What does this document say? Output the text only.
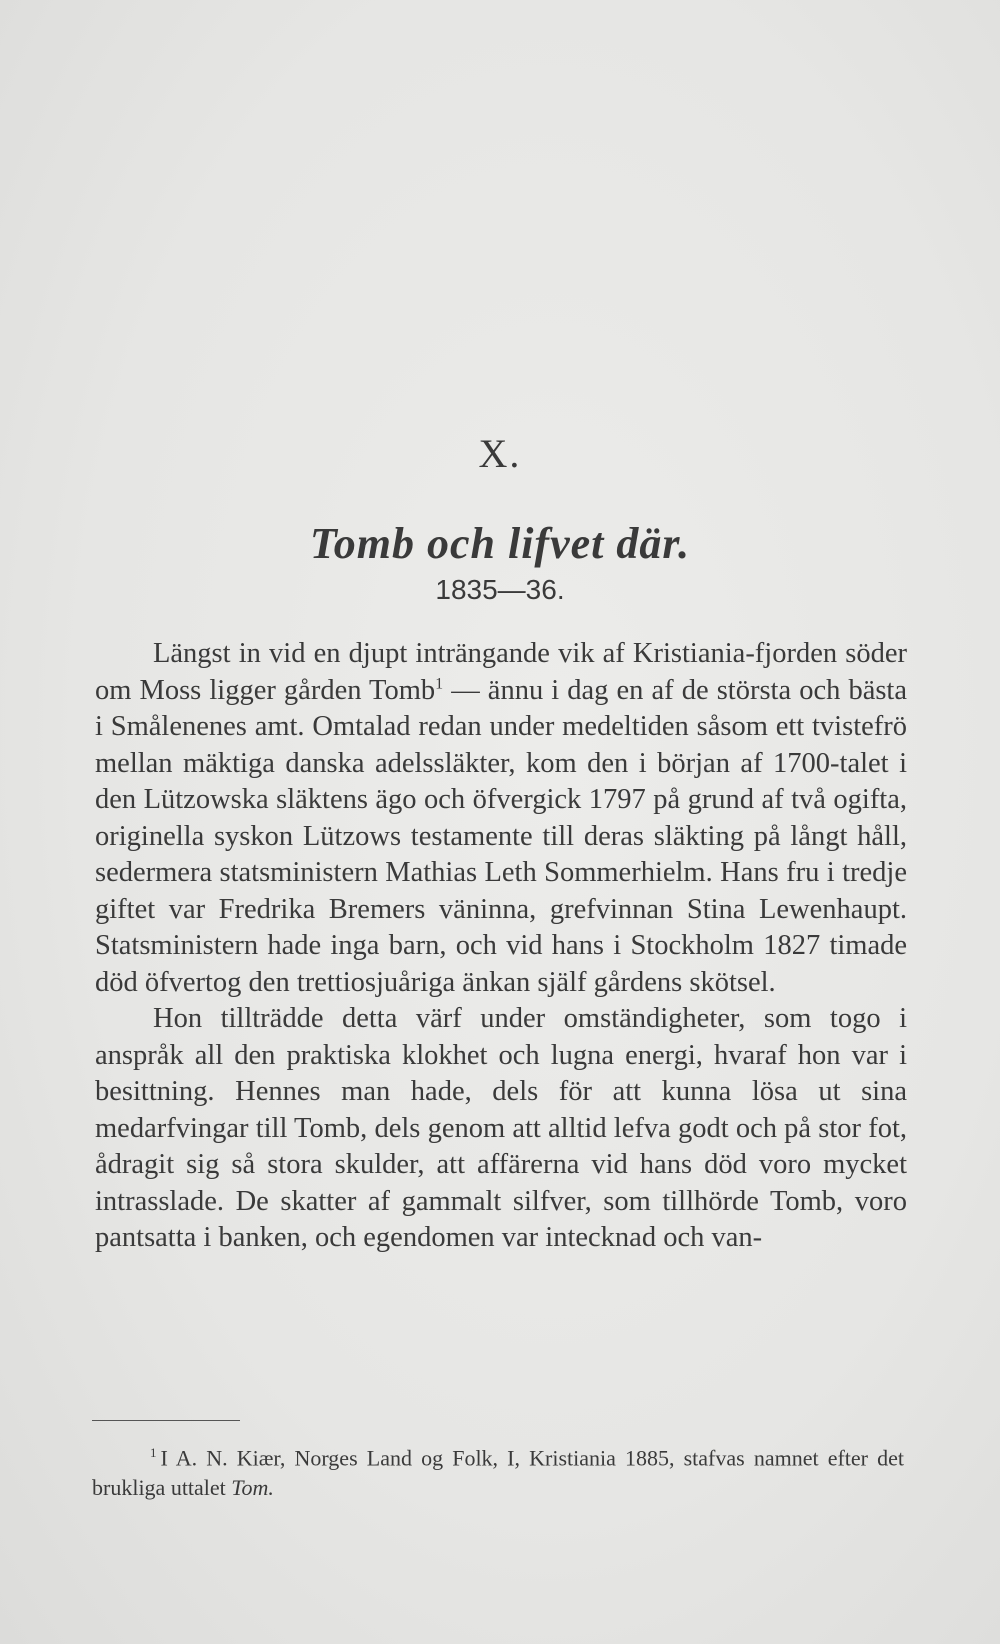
X.
Tomb och lifvet där.
1835—36.

Längst in vid en djupt inträngande vik af Kristiania-fjorden söder om Moss ligger gården Tomb$^1$ — ännu i dag en af de största och bästa i Smålenenes amt. Omtalad redan under medeltiden såsom ett tvistefrö mellan mäktiga danska adelssläkter, kom den i början af 1700-talet i den Lützowska släktens ägo och öfvergick 1797 på grund af två ogifta, originella syskon Lützows testamente till deras släkting på långt håll, sedermera statsministern Mathias Leth Sommerhielm. Hans fru i tredje giftet var Fredrika Bremers väninna, grefvinnan Stina Lewenhaupt. Statsministern hade inga barn, och vid hans i Stockholm 1827 timade död öfvertog den trettiosjuåriga änkan själf gårdens skötsel.

Hon tillträdde detta värf under omständigheter, som togo i anspråk all den praktiska klokhet och lugna energi, hvaraf hon var i besittning. Hennes man hade, dels för att kunna lösa ut sina medarfvingar till Tomb, dels genom att alltid lefva godt och på stor fot, ådragit sig så stora skulder, att affärerna vid hans död voro mycket intrasslade. De skatter af gammalt silfver, som tillhörde Tomb, voro pantsatta i banken, och egendomen var intecknad och van-

$^1$ I A. N. Kiær, Norges Land og Folk, I, Kristiania 1885, stafvas namnet efter det brukliga uttalet Tom.
